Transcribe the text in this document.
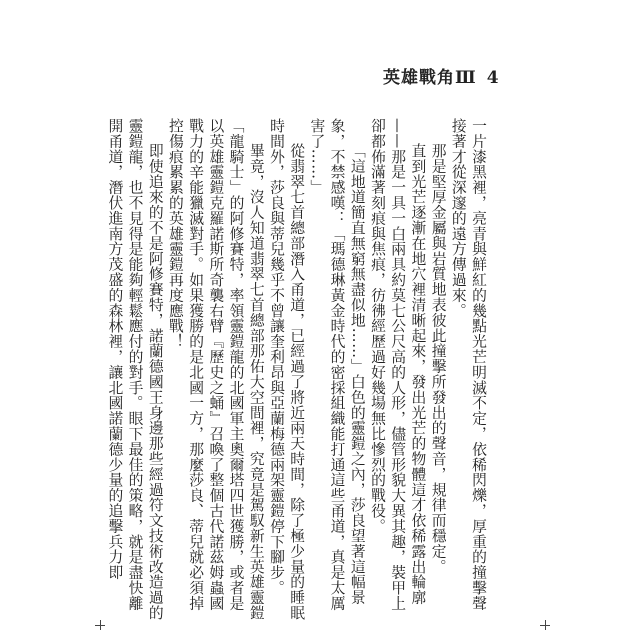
英雄戰角Ⅲ 4

一片漆黑裡，亮青與鮮紅的幾點光芒明滅不定，依稀閃爍，厚重的撞擊聲接著才從深邃的遠方傳過來。

那是堅厚金屬與岩質地表彼此撞擊所發出的聲音，規律而穩定。

直到光芒逐漸在地穴裡清晰起來，發出光芒的物體這才依稀露出輪廓——那是一具一白兩具約莫七公尺高的人形，儘管形貌大異其趣，裝甲上卻都佈滿著刻痕與焦痕，彷彿經歷過好幾場無比慘烈的戰役。

「這地道簡直無窮無盡似地……」白色的靈鎧之內，莎良望著這幅景象，不禁感嘆：「瑪德琳黃金時代的密採組織能打通這些甬道，真是太厲害了……」

從翡翠七首總部潛入甬道，已經過了將近兩天時間，除了極少量的睡眠時間外，莎良與蒂兒幾乎不曾讓奎利昂與亞蘭梅德兩架靈鎧停下腳步。

畢竟，沒人知道翡翠七首總部那佑大空間裡，究竟是駕馭新生英雄靈鎧「龍騎士」的阿修賽特，率領靈鎧龍的北國軍主奧爾塔四世獲勝，或者是以英雄靈鎧克羅諾斯所奇襲右臂『歷史之蛹』召喚了整個古代諾茲姆蟲國戰力的辛能獵滅對手。如果獲勝的是北國一方，那麼莎良、蒂兒就必須掉控傷痕累累的英雄靈鎧再度應戰！

即使追來的不是阿修賽特，諾蘭德國王身邊那些經過符文技術改造過的靈鎧龍，也不見得是能夠輕鬆應付的對手。眼下最佳的策略，就是盡快離開甬道，潛伏進南方茂盛的森林裡，讓北國諾蘭德少量的追擊兵力即
